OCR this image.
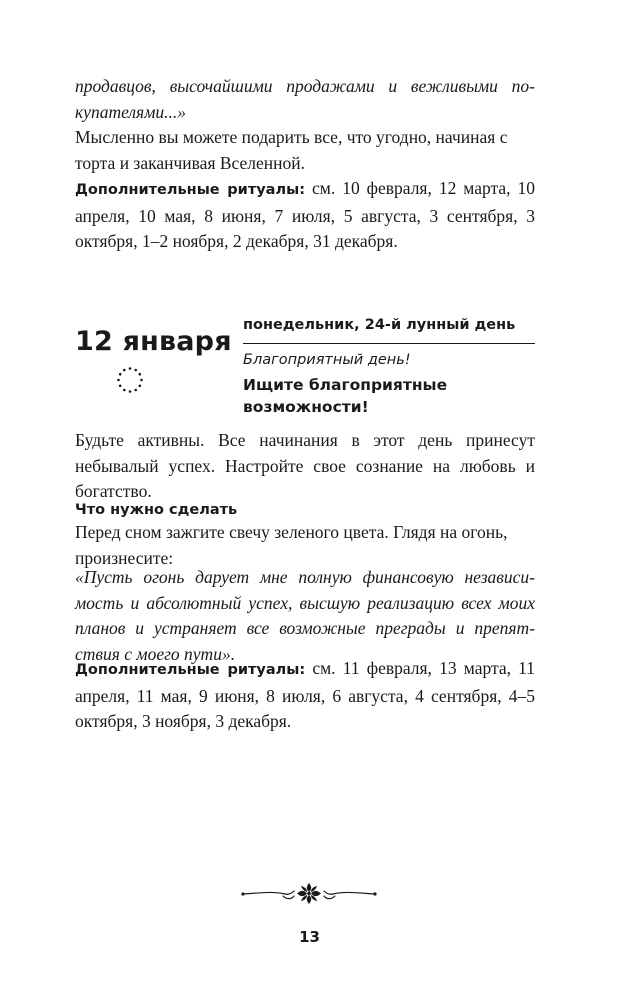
продавцов, высочайшими продажами и вежливыми по-купателями...»

Мысленно вы можете подарить все, что угодно, начиная с торта и заканчивая Вселенной.

Дополнительные ритуалы: см. 10 февраля, 12 марта, 10 апреля, 10 мая, 8 июня, 7 июля, 5 августа, 3 сентября, 3 октября, 1–2 ноября, 2 декабря, 31 декабря.

12 января

понедельник, 24-й лунный день

Благоприятный день!

Ищите благоприятные возможности!

Будьте активны. Все начинания в этот день принесут небывалый успех. Настройте свое сознание на любовь и богатство.

Что нужно сделать

Перед сном зажгите свечу зеленого цвета. Глядя на огонь, произнесите:

«Пусть огонь дарует мне полную финансовую независи-мость и абсолютный успех, высшую реализацию всех моих планов и устраняет все возможные преграды и препят-ствия с моего пути».

Дополнительные ритуалы: см. 11 февраля, 13 марта, 11 апреля, 11 мая, 9 июня, 8 июля, 6 августа, 4 сентября, 4–5 октября, 3 ноября, 3 декабря.

13
